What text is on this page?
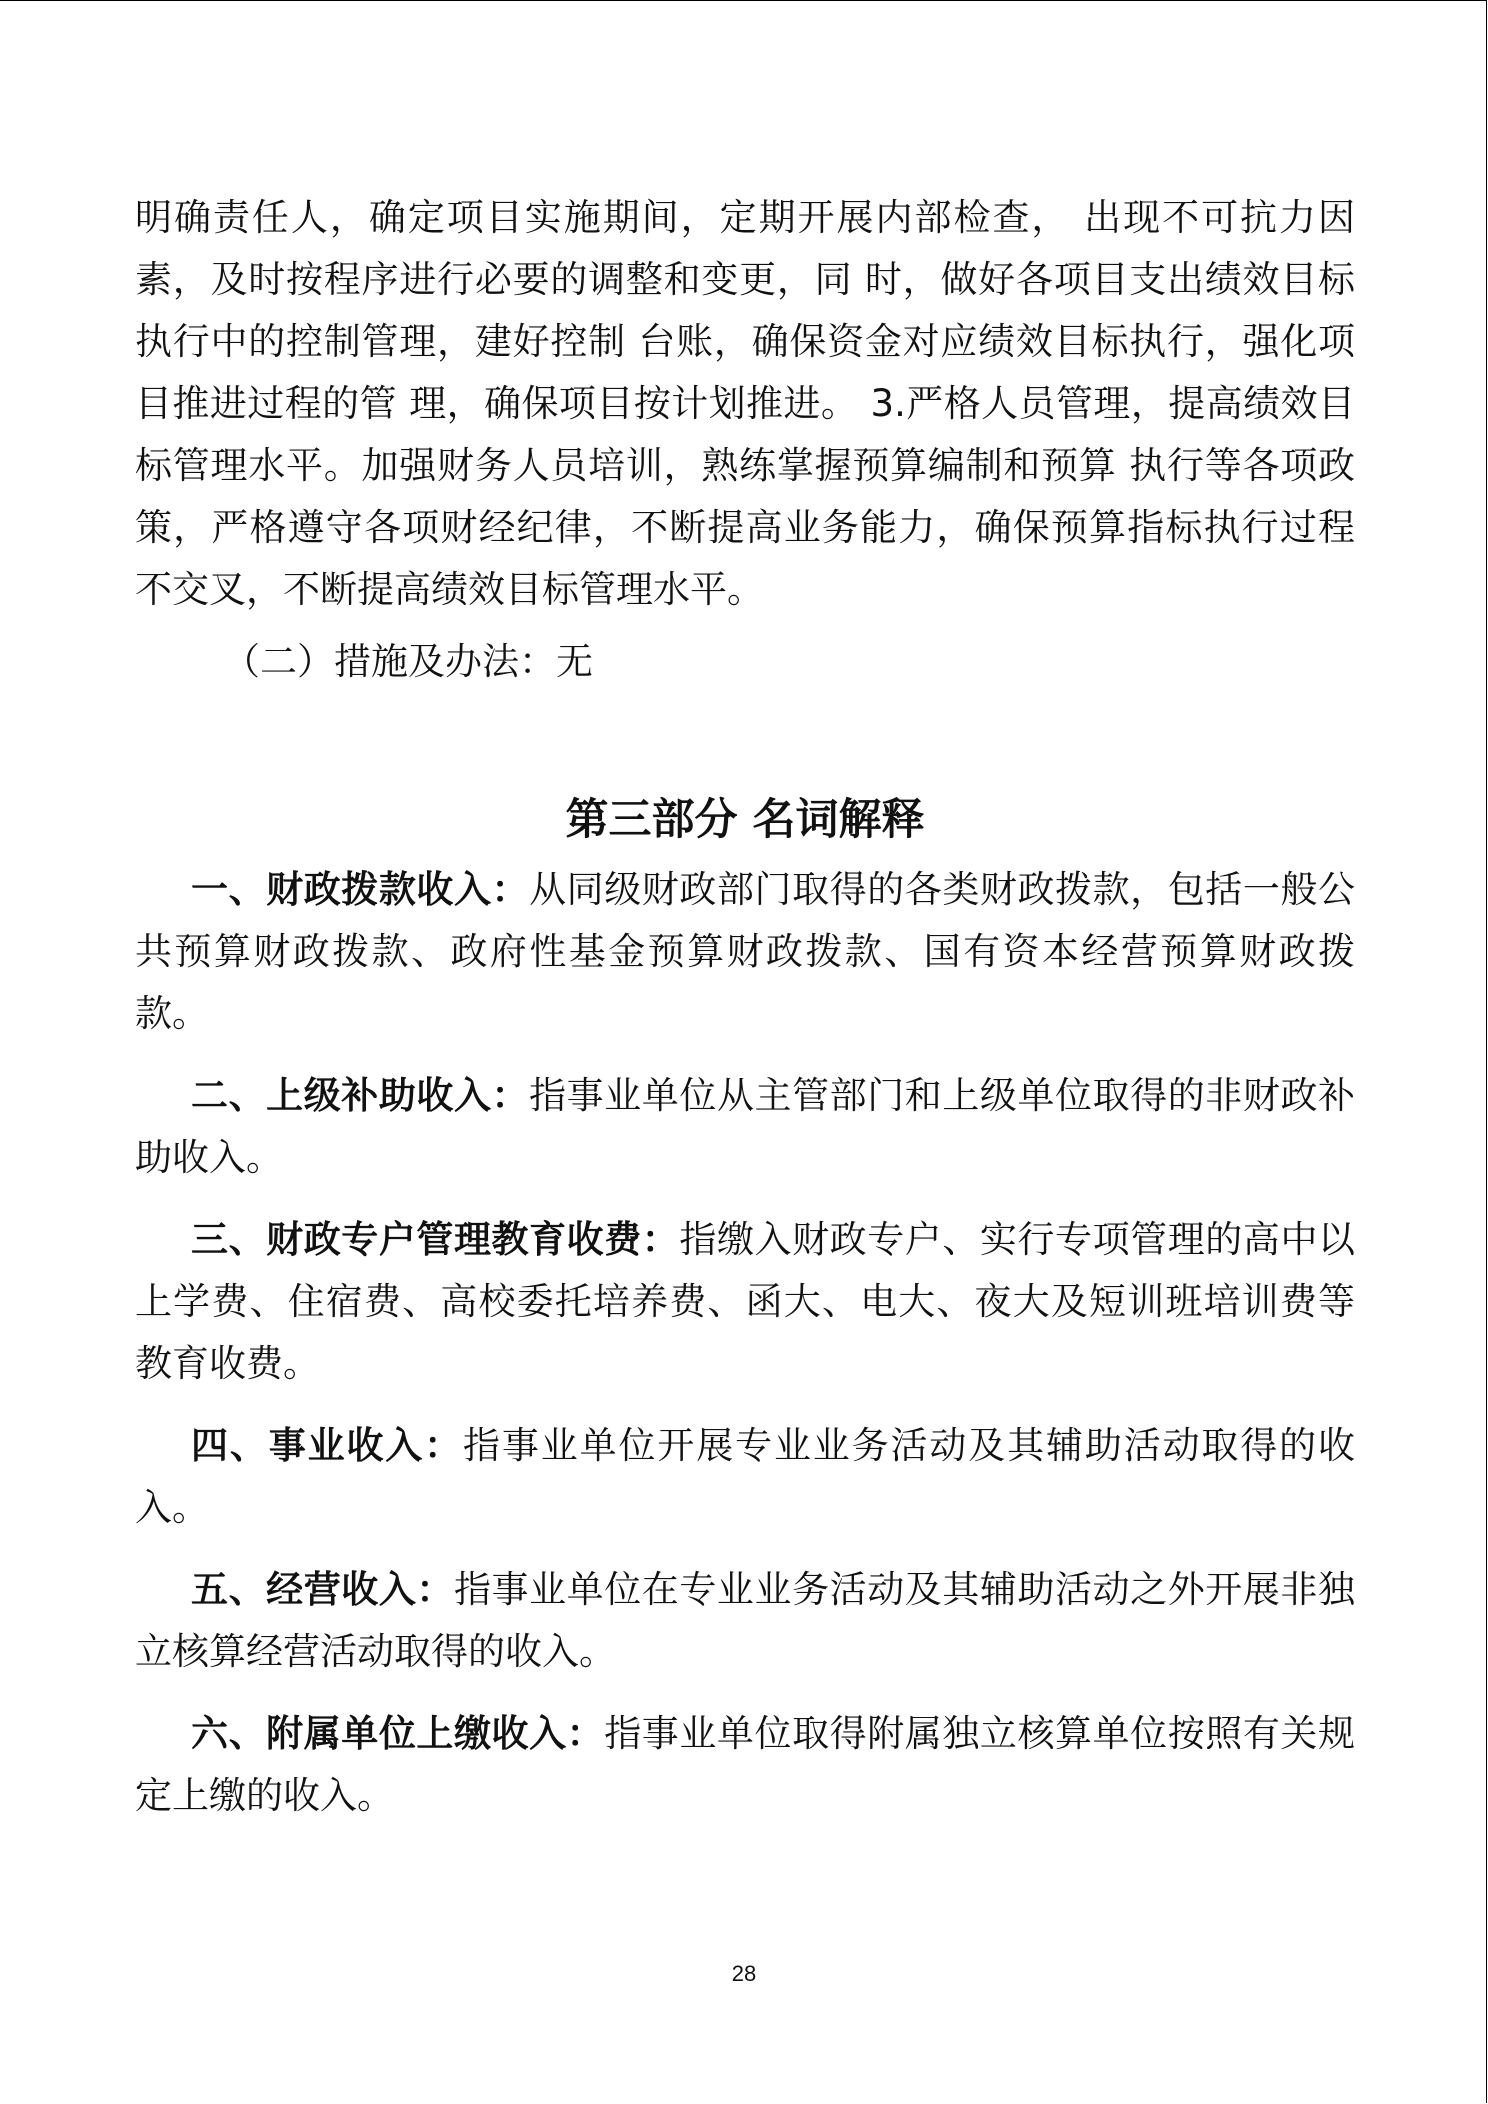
明确责任人，确定项目实施期间，定期开展内部检查， 出现不可抗力因素，及时按程序进行必要的调整和变更，同 时，做好各项目支出绩效目标执行中的控制管理，建好控制 台账，确保资金对应绩效目标执行，强化项目推进过程的管 理，确保项目按计划推进。 3.严格人员管理，提高绩效目 标管理水平。加强财务人员培训，熟练掌握预算编制和预算 执行等各项政策，严格遵守各项财经纪律，不断提高业务能力，确保预算指标执行过程不交叉，不断提高绩效目标管理水平。

（二）措施及办法：无

第三部分 名词解释

一、财政拨款收入：从同级财政部门取得的各类财政拨款，包括一般公共预算财政拨款、政府性基金预算财政拨款、国有资本经营预算财政拨款。

二、上级补助收入：指事业单位从主管部门和上级单位取得的非财政补助收入。

三、财政专户管理教育收费：指缴入财政专户、实行专项管理的高中以上学费、住宿费、高校委托培养费、函大、电大、夜大及短训班培训费等教育收费。

四、事业收入：指事业单位开展专业业务活动及其辅助活动取得的收入。

五、经营收入：指事业单位在专业业务活动及其辅助活动之外开展非独立核算经营活动取得的收入。

六、附属单位上缴收入：指事业单位取得附属独立核算单位按照有关规定上缴的收入。

28
